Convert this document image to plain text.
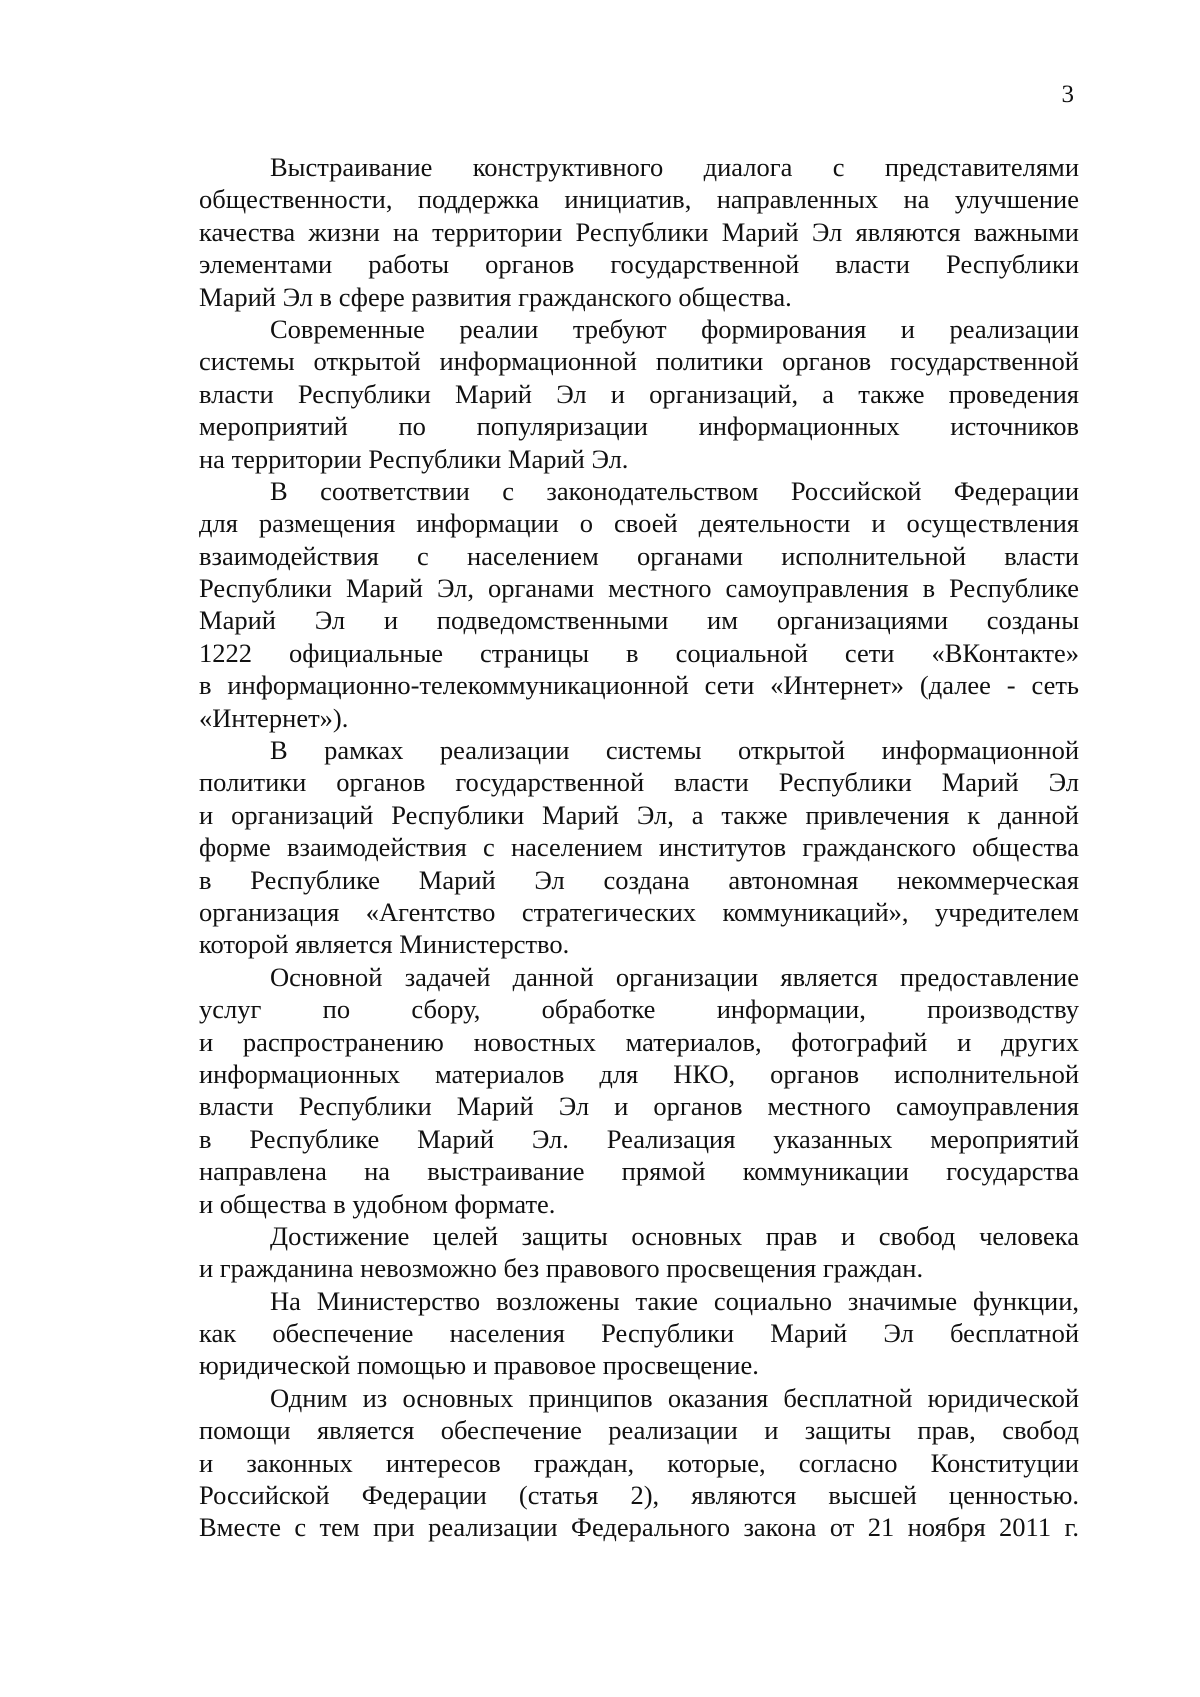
3
Выстраивание конструктивного диалога с представителями
общественности, поддержка инициатив, направленных на улучшение
качества жизни на территории Республики Марий Эл являются важными
элементами работы органов государственной власти Республики
Марий Эл в сфере развития гражданского общества.
Современные реалии требуют формирования и реализации
системы открытой информационной политики органов государственной
власти Республики Марий Эл и организаций, а также проведения
мероприятий по популяризации информационных источников
на территории Республики Марий Эл.
В соответствии с законодательством Российской Федерации
для размещения информации о своей деятельности и осуществления
взаимодействия с населением органами исполнительной власти
Республики Марий Эл, органами местного самоуправления в Республике
Марий Эл и подведомственными им организациями созданы
1222 официальные страницы в социальной сети «ВКонтакте»
в информационно-телекоммуникационной сети «Интернет» (далее - сеть
«Интернет»).
В рамках реализации системы открытой информационной
политики органов государственной власти Республики Марий Эл
и организаций Республики Марий Эл, а также привлечения к данной
форме взаимодействия с населением институтов гражданского общества
в Республике Марий Эл создана автономная некоммерческая
организация «Агентство стратегических коммуникаций», учредителем
которой является Министерство.
Основной задачей данной организации является предоставление
услуг по сбору, обработке информации, производству
и распространению новостных материалов, фотографий и других
информационных материалов для НКО, органов исполнительной
власти Республики Марий Эл и органов местного самоуправления
в Республике Марий Эл. Реализация указанных мероприятий
направлена на выстраивание прямой коммуникации государства
и общества в удобном формате.
Достижение целей защиты основных прав и свобод человека
и гражданина невозможно без правового просвещения граждан.
На Министерство возложены такие социально значимые функции,
как обеспечение населения Республики Марий Эл бесплатной
юридической помощью и правовое просвещение.
Одним из основных принципов оказания бесплатной юридической
помощи является обеспечение реализации и защиты прав, свобод
и законных интересов граждан, которые, согласно Конституции
Российской Федерации (статья 2), являются высшей ценностью.
Вместе с тем при реализации Федерального закона от 21 ноября 2011 г.
